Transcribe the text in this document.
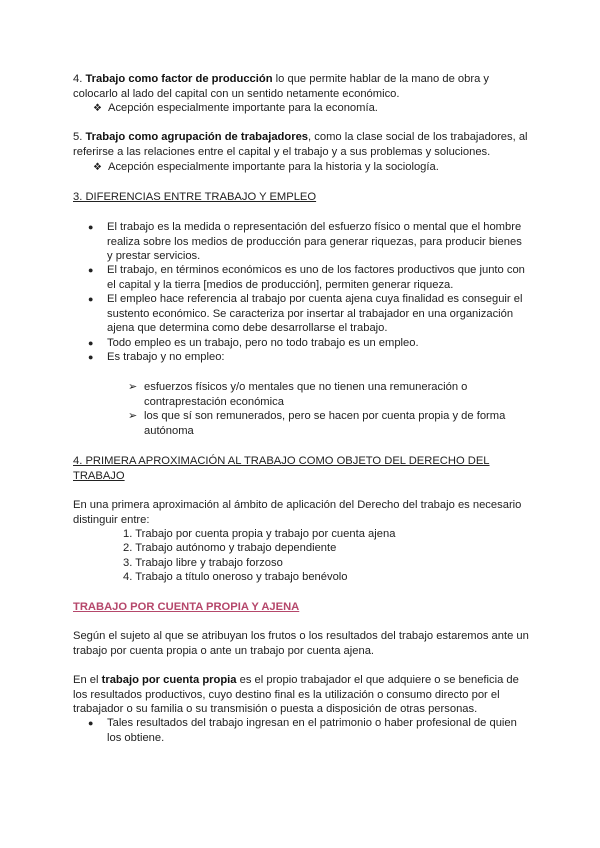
4. Trabajo como factor de producción lo que permite hablar de la mano de obra y colocarlo al lado del capital con un sentido netamente económico.
❖ Acepción especialmente importante para la economía.
5. Trabajo como agrupación de trabajadores, como la clase social de los trabajadores, al referirse a las relaciones entre el capital y el trabajo y a sus problemas y soluciones.
❖ Acepción especialmente importante para la historia y la sociología.
3. DIFERENCIAS ENTRE TRABAJO Y EMPLEO
● El trabajo es la medida o representación del esfuerzo físico o mental que el hombre realiza sobre los medios de producción para generar riquezas, para producir bienes y prestar servicios.
● El trabajo, en términos económicos es uno de los factores productivos que junto con el capital y la tierra [medios de producción], permiten generar riqueza.
● El empleo hace referencia al trabajo por cuenta ajena cuya finalidad es conseguir el sustento económico. Se caracteriza por insertar al trabajador en una organización ajena que determina como debe desarrollarse el trabajo.
● Todo empleo es un trabajo, pero no todo trabajo es un empleo.
● Es trabajo y no empleo:
➢ esfuerzos físicos y/o mentales que no tienen una remuneración o contraprestación económica
➢ los que sí son remunerados, pero se hacen por cuenta propia y de forma autónoma
4. PRIMERA APROXIMACIÓN AL TRABAJO COMO OBJETO DEL DERECHO DEL TRABAJO
En una primera aproximación al ámbito de aplicación del Derecho del trabajo es necesario distinguir entre:
1. Trabajo por cuenta propia y trabajo por cuenta ajena
2. Trabajo autónomo y trabajo dependiente
3. Trabajo libre y trabajo forzoso
4. Trabajo a título oneroso y trabajo benévolo
TRABAJO POR CUENTA PROPIA Y AJENA
Según el sujeto al que se atribuyan los frutos o los resultados del trabajo estaremos ante un trabajo por cuenta propia o ante un trabajo por cuenta ajena.
En el trabajo por cuenta propia es el propio trabajador el que adquiere o se beneficia de los resultados productivos, cuyo destino final es la utilización o consumo directo por el trabajador o su familia o su transmisión o puesta a disposición de otras personas.
● Tales resultados del trabajo ingresan en el patrimonio o haber profesional de quien los obtiene.
